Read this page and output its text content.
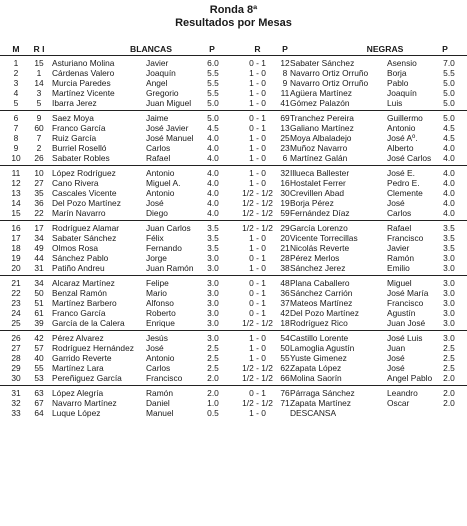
Ronda 8ª
Resultados por Mesas
M	R I	BLANCAS	P	R	P	NEGRAS	P
1	15 Asturiano Molina	Javier	6.0	0 - 1	12 Sabater Sánchez	Asensio	7.0
2	1	Cárdenas Valero	Joaquín	5.5	1 - 0	8 Navarro Ortiz Orruño	Borja	5.5
3	14 Murcia Paredes	Angel	5.5	1 - 0	9 Navarro Ortiz Orruño	Pablo	5.0
4	3	Martínez Vicente	Gregorio	5.5	1 - 0	11 Agüera Martínez	Joaquín	5.0
5	5	Ibarra Jerez	Juan Miguel	5.0	1 - 0	41 Gómez Palazón	Luis	5.0
6	9	Saez Moya	Jaime	5.0	0 - 1	69 Tranchez Pereira	Guillermo	5.0
7	60 Franco García	José Javier	4.5	0 - 1	13 Galiano Martínez	Antonio	4.5
8	7	Ruiz García	José Manuel	4.0	1 - 0	25 Moya Albaladejo	José Aº.	4.5
9	2	Burriel Roselló	Carlos	4.0	1 - 0	23 Muñoz Navarro	Alberto	4.0
10	26 Sabater Robles	Rafael	4.0	1 - 0	6 Martínez Galán	José Carlos	4.0
11	10 López Rodríguez	Antonio	4.0	1 - 0	32 Illueca Ballester	José E.	4.0
12	27 Cano Rivera	Miguel A.	4.0	1 - 0	16 Hostalet Ferrer	Pedro E.	4.0
13	35 Cascales Vicente	Antonio	4.0	1/2 - 1/2 30 Crevillen Abad	Clemente	4.0
14	36 Del Pozo Martínez	José	4.0	1/2 - 1/2 19 Borja Pérez	José	4.0
15	22 Marín Navarro	Diego	4.0	1/2 - 1/2 59 Fernández Díaz	Carlos	4.0
16	17 Rodríguez Alamar	Juan Carlos	3.5	1/2 - 1/2 29 García Lorenzo	Rafael	3.5
17	34 Sabater Sánchez	Félix	3.5	1 - 0	20 Vicente Torrecillas	Francisco	3.5
18	49 Olmos Rosa	Fernando	3.5	1 - 0	21 Nicolás Reverte	Javier	3.5
19	44 Sánchez Pablo	Jorge	3.0	0 - 1	28 Pérez Merlos	Ramón	3.0
20	31 Patiño Andreu	Juan Ramón	3.0	1 - 0	38 Sánchez Jerez	Emilio	3.0
21	34 Alcaraz Martínez	Felipe	3.0	0 - 1	48 Plana Caballero	Miguel	3.0
22	50 Benzal Ramón	Mario	3.0	0 - 1	36 Sánchez Carrión	José María	3.0
23	51 Martínez Barbero	Alfonso	3.0	0 - 1	37 Mateos Martínez	Francisco	3.0
24	61 Franco García	Roberto	3.0	0 - 1	42 Del Pozo Martínez	Agustín	3.0
25	39 García de la Calera	Enrique	3.0	1/2 - 1/2 18 Rodríguez Rico	Juan José	3.0
26	42 Pérez Alvarez	Jesús	3.0	1 - 0	54 Castillo Lorente	José Luis	3.0
27	57 Rodríguez Hernández	José	2.5	1 - 0	50 Lamoglia Agustín	Juan	2.5
28	40 Garrido Reverte	Antonio	2.5	1 - 0	55 Yuste Gimenez	José	2.5
29	55 Martínez Lara	Carlos	2.5	1/2 - 1/2 62 Zapata López	José	2.5
30	53 Pereñiguez García	Francisco	2.0	1/2 - 1/2 66 Molina Saorín	Angel Pablo	2.0
31	63 López Alegría	Ramón	2.0	0 - 1	76 Párraga Sánchez	Leandro	2.0
32	67 Navarro Martínez	Daniel	1.0	1/2 - 1/2 71 Zapata Martínez	Oscar	2.0
33	64 Luque López	Manuel	0.5	1 - 0	DESCANSA
